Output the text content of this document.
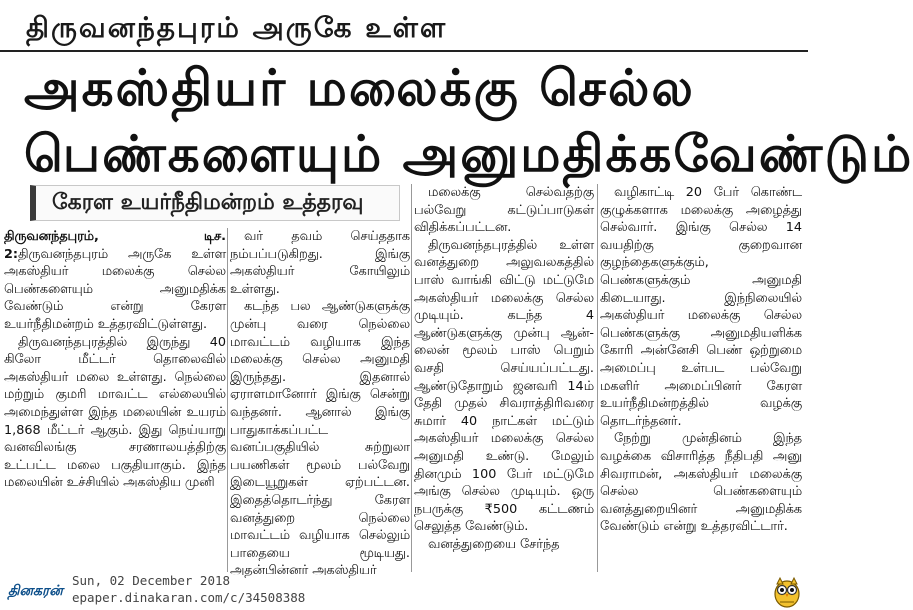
திருவனந்தபுரம் அருகே உள்ள
அகஸ்தியர் மலைக்கு செல்ல
பெண்களையும் அனுமதிக்கவேண்டும்
கேரள உயர்நீதிமன்றம் உத்தரவு

திருவனந்தபுரம், டிச. 2:திருவனந்தபுரம் அருகே உள்ள அகஸ்தியர் மலைக்கு செல்ல பெண்களையும் அனுமதிக்க வேண்டும் என்று கேரள உயர்நீதிமன்றம் உத்தரவிட்டுள்ளது.

திருவனந்தபுரத்தில் இருந்து 40 கிலோ மீட்டர் தொலைவில் அகஸ்தியர் மலை உள்ளது. நெல்லை மற்றும் குமரி மாவட்ட எல்லையில் அமைந்துள்ள இந்த மலையின் உயரம் 1,868 மீட்டர் ஆகும். இது நெய்யாறு வனவிலங்கு சரணாலயத்திற்கு உட்பட்ட மலை பகுதியாகும். இந்த மலையின் உச்சியில் அகஸ்திய முனி

வர் தவம் செய்ததாக நம்பப்படுகிறது. இங்கு அகஸ்தியர் கோயிலும் உள்ளது.

கடந்த பல ஆண்டுகளுக்கு முன்பு வரை நெல்லை மாவட்டம் வழியாக இந்த மலைக்கு செல்ல அனுமதி இருந்தது. இதனால் ஏராளமானோர் இங்கு சென்று வந்தனர். ஆனால் இங்கு பாதுகாக்கப்பட்ட வனப்பகுதியில் சுற்றுலா பயணிகள் மூலம் பல்வேறு இடையூறுகள் ஏற்பட்டன. இதைத்தொடர்ந்து கேரள வனத்துறை நெல்லை மாவட்டம் வழியாக செல்லும் பாதையை மூடியது. அதன்பின்னர் அகஸ்தியர்

மலைக்கு செல்வதற்கு பல்வேறு கட்டுப்பாடுகள் விதிக்கப்பட்டன.

திருவனந்தபுரத்தில் உள்ள வனத்துறை அலுவலகத்தில் பாஸ் வாங்கி விட்டு மட்டுமே அகஸ்தியர் மலைக்கு செல்ல முடியும். கடந்த 4 ஆண்டுகளுக்கு முன்பு ஆன்-லைன் மூலம் பாஸ் பெறும் வசதி செய்யப்பட்டது. ஆண்டுதோறும் ஜனவரி 14ம் தேதி முதல் சிவராத்திரிவரை சுமார் 40 நாட்கள் மட்டும் அகஸ்தியர் மலைக்கு செல்ல அனுமதி உண்டு. மேலும் தினமும் 100 பேர் மட்டுமே அங்கு செல்ல முடியும். ஒரு நபருக்கு ₹500 கட்டணம் செலுத்த வேண்டும்.

வனத்துறையை சேர்ந்த

வழிகாட்டி 20 பேர் கொண்ட குழுக்களாக மலைக்கு அழைத்து செல்வார். இங்கு செல்ல 14 வயதிற்கு குறைவான குழந்தைகளுக்கும், பெண்களுக்கும் அனுமதி கிடையாது. இந்நிலையில் அகஸ்தியர் மலைக்கு செல்ல பெண்களுக்கு அனுமதியளிக்க கோரி அன்னேசி பெண் ஒற்றுமை அமைப்பு உள்பட பல்வேறு மகளிர் அமைப்பினர் கேரள உயர்நீதிமன்றத்தில் வழக்கு தொடர்ந்தனர்.

நேற்று முன்தினம் இந்த வழக்கை விசாரித்த நீதிபதி அனு சிவராமன், அகஸ்தியர் மலைக்கு செல்ல பெண்களையும் வனத்துறையினர் அனுமதிக்க வேண்டும் என்று உத்தரவிட்டார்.

தினகரன்
Sun, 02 December 2018
epaper.dinakaran.com/c/34508388
